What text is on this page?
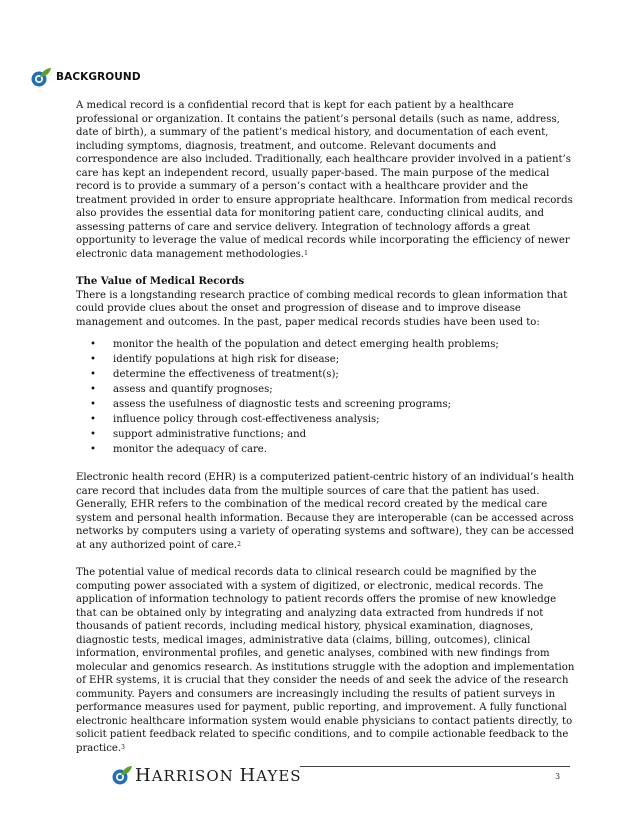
BACKGROUND

A medical record is a confidential record that is kept for each patient by a healthcare professional or organization. It contains the patient’s personal details (such as name, address, date of birth), a summary of the patient’s medical history, and documentation of each event, including symptoms, diagnosis, treatment, and outcome. Relevant documents and correspondence are also included. Traditionally, each healthcare provider involved in a patient’s care has kept an independent record, usually paper-based. The main purpose of the medical record is to provide a summary of a person’s contact with a healthcare provider and the treatment provided in order to ensure appropriate healthcare. Information from medical records also provides the essential data for monitoring patient care, conducting clinical audits, and assessing patterns of care and service delivery. Integration of technology affords a great opportunity to leverage the value of medical records while incorporating the efficiency of newer electronic data management methodologies.$^1$

The Value of Medical Records

There is a longstanding research practice of combing medical records to glean information that could provide clues about the onset and progression of disease and to improve disease management and outcomes. In the past, paper medical records studies have been used to:

• monitor the health of the population and detect emerging health problems;
• identify populations at high risk for disease;
• determine the effectiveness of treatment(s);
• assess and quantify prognoses;
• assess the usefulness of diagnostic tests and screening programs;
• influence policy through cost-effectiveness analysis;
• support administrative functions; and
• monitor the adequacy of care.

Electronic health record (EHR) is a computerized patient-centric history of an individual’s health care record that includes data from the multiple sources of care that the patient has used. Generally, EHR refers to the combination of the medical record created by the medical care system and personal health information. Because they are interoperable (can be accessed across networks by computers using a variety of operating systems and software), they can be accessed at any authorized point of care.$^2$

The potential value of medical records data to clinical research could be magnified by the computing power associated with a system of digitized, or electronic, medical records. The application of information technology to patient records offers the promise of new knowledge that can be obtained only by integrating and analyzing data extracted from hundreds if not thousands of patient records, including medical history, physical examination, diagnoses, diagnostic tests, medical images, administrative data (claims, billing, outcomes), clinical information, environmental profiles, and genetic analyses, combined with new findings from molecular and genomics research. As institutions struggle with the adoption and implementation of EHR systems, it is crucial that they consider the needs of and seek the advice of the research community. Payers and consumers are increasingly including the results of patient surveys in performance measures used for payment, public reporting, and improvement. A fully functional electronic healthcare information system would enable physicians to contact patients directly, to solicit patient feedback related to specific conditions, and to compile actionable feedback to the practice.$^3$

HARRISON HAYES	3
